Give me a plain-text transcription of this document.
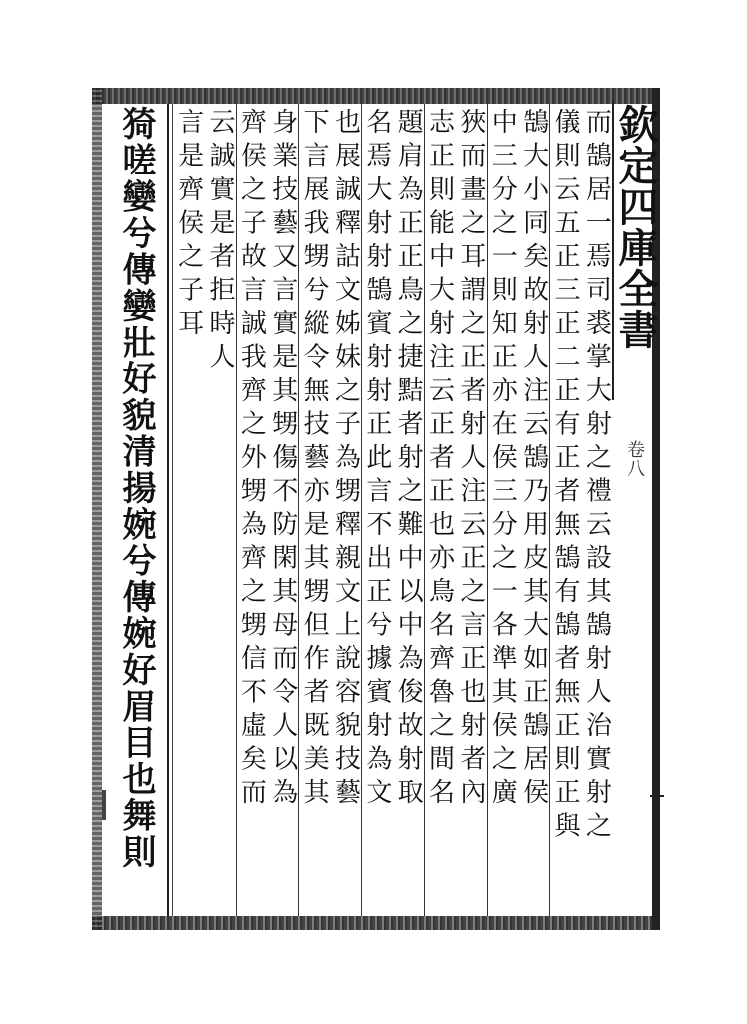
欽定四庫全書
卷八
而鵠居一焉司裘掌大射之禮云設其鵠射人治實射之
儀則云五正三正二正有正者無鵠有鵠者無正則正與
鵠大小同矣故射人注云鵠乃用皮其大如正鵠居侯
中三分之一則知正亦在侯三分之一各準其侯之廣
狹而畫之耳謂之正者射人注云正之言正也射者內
志正則能中大射注云正者正也亦鳥名齊魯之間名
題肩為正正鳥之捷黠者射之難中以中為俊故射取
名焉大射射鵠賓射射正此言不出正兮據賓射為文
也展誠釋詁文姊妹之子為甥釋親文上說容貌技藝
下言展我甥兮縱令無技藝亦是其甥但作者既美其
身業技藝又言實是其甥傷不防閑其母而令人以為
齊侯之子故言誠我齊之外甥為齊之甥信不虛矣而
云誠實是者拒時人
言是齊侯之子耳
猗嗟孌兮傳孌壯好貌清揚婉兮傳婉好眉目也舞則
